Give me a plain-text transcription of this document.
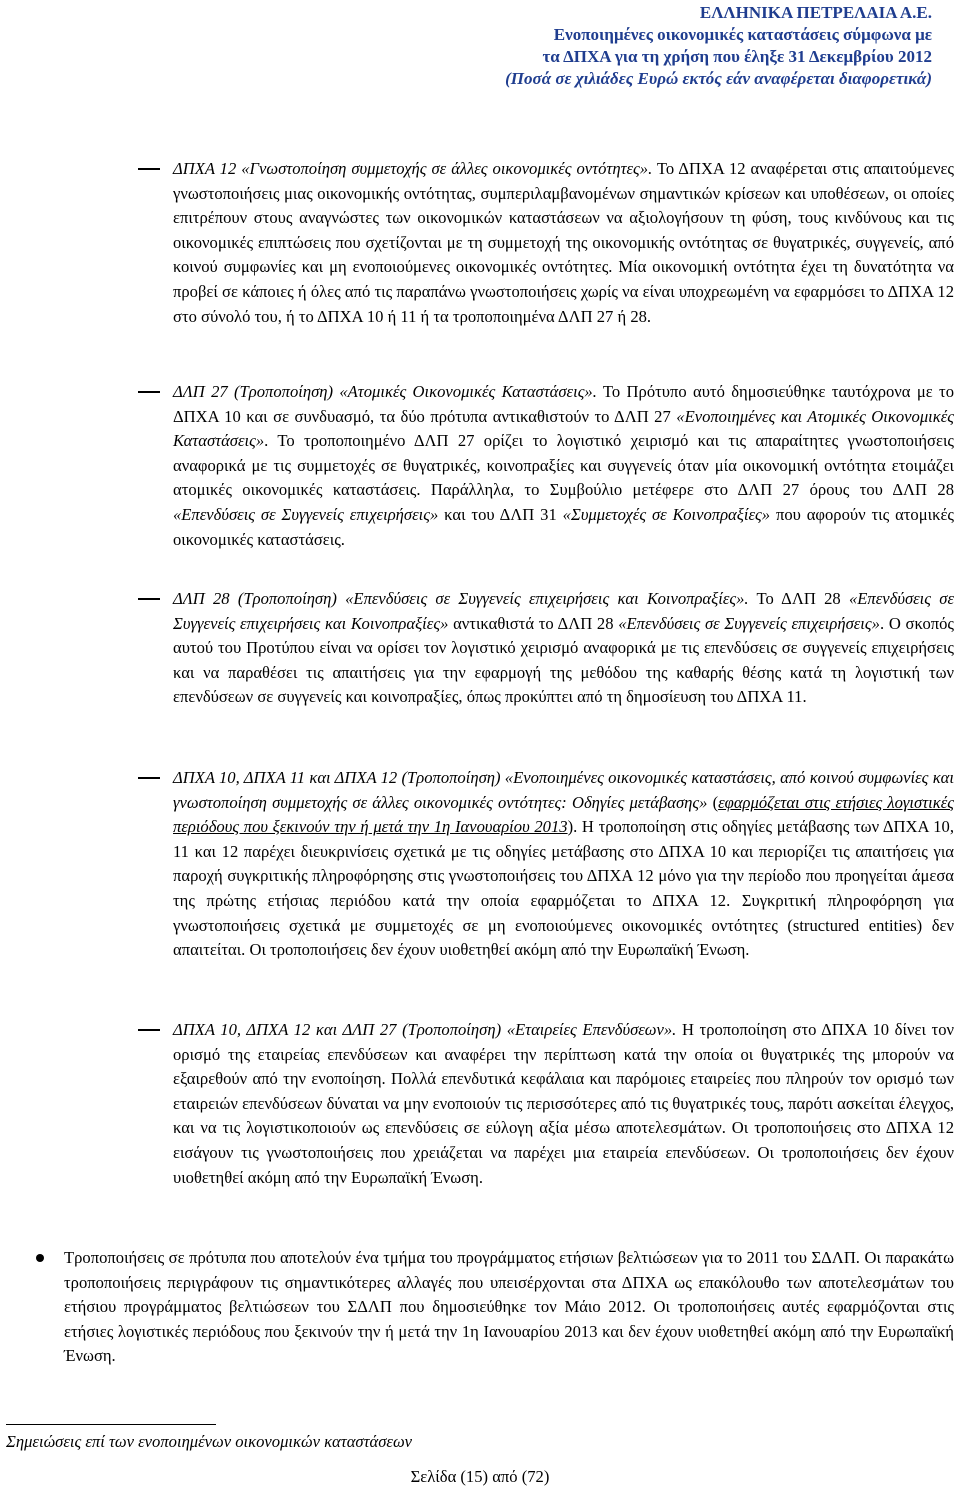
ΕΛΛΗΝΙΚΑ ΠΕΤΡΕΛΑΙΑ Α.Ε.
Ενοποιημένες οικονομικές καταστάσεις σύμφωνα με
τα ΔΠΧΑ για τη χρήση που έληξε 31 Δεκεμβρίου 2012
(Ποσά σε χιλιάδες Ευρώ εκτός εάν αναφέρεται διαφορετικά)

ΔΠΧΑ 12 «Γνωστοποίηση συμμετοχής σε άλλες οικονομικές οντότητες». Το ΔΠΧΑ 12 αναφέρεται στις απαιτούμενες γνωστοποιήσεις μιας οικονομικής οντότητας, συμπεριλαμβανομένων σημαντικών κρίσεων και υποθέσεων, οι οποίες επιτρέπουν στους αναγνώστες των οικονομικών καταστάσεων να αξιολογήσουν τη φύση, τους κινδύνους και τις οικονομικές επιπτώσεις που σχετίζονται με τη συμμετοχή της οικονομικής οντότητας σε θυγατρικές, συγγενείς, από κοινού συμφωνίες και μη ενοποιούμενες οικονομικές οντότητες. Μία οικονομική οντότητα έχει τη δυνατότητα να προβεί σε κάποιες ή όλες από τις παραπάνω γνωστοποιήσεις χωρίς να είναι υποχρεωμένη να εφαρμόσει το ΔΠΧΑ 12 στο σύνολό του, ή το ΔΠΧΑ 10 ή 11 ή τα τροποποιημένα ΔΛΠ 27 ή 28.

ΔΛΠ 27 (Τροποποίηση) «Ατομικές Οικονομικές Καταστάσεις». Το Πρότυπο αυτό δημοσιεύθηκε ταυτόχρονα με το ΔΠΧΑ 10 και σε συνδυασμό, τα δύο πρότυπα αντικαθιστούν το ΔΛΠ 27 «Ενοποιημένες και Ατομικές Οικονομικές Καταστάσεις». Το τροποποιημένο ΔΛΠ 27 ορίζει το λογιστικό χειρισμό και τις απαραίτητες γνωστοποιήσεις αναφορικά με τις συμμετοχές σε θυγατρικές, κοινοπραξίες και συγγενείς όταν μία οικονομική οντότητα ετοιμάζει ατομικές οικονομικές καταστάσεις. Παράλληλα, το Συμβούλιο μετέφερε στο ΔΛΠ 27 όρους του ΔΛΠ 28 «Επενδύσεις σε Συγγενείς επιχειρήσεις» και του ΔΛΠ 31 «Συμμετοχές σε Κοινοπραξίες» που αφορούν τις ατομικές οικονομικές καταστάσεις.

ΔΛΠ 28 (Τροποποίηση) «Επενδύσεις σε Συγγενείς επιχειρήσεις και Κοινοπραξίες». Το ΔΛΠ 28 «Επενδύσεις σε Συγγενείς επιχειρήσεις και Κοινοπραξίες» αντικαθιστά το ΔΛΠ 28 «Επενδύσεις σε Συγγενείς επιχειρήσεις». Ο σκοπός αυτού του Προτύπου είναι να ορίσει τον λογιστικό χειρισμό αναφορικά με τις επενδύσεις σε συγγενείς επιχειρήσεις και να παραθέσει τις απαιτήσεις για την εφαρμογή της μεθόδου της καθαρής θέσης κατά τη λογιστική των επενδύσεων σε συγγενείς και κοινοπραξίες, όπως προκύπτει από τη δημοσίευση του ΔΠΧΑ 11.

ΔΠΧΑ 10, ΔΠΧΑ 11 και ΔΠΧΑ 12 (Τροποποίηση) «Ενοποιημένες οικονομικές καταστάσεις, από κοινού συμφωνίες και γνωστοποίηση συμμετοχής σε άλλες οικονομικές οντότητες: Οδηγίες μετάβασης» (εφαρμόζεται στις ετήσιες λογιστικές περιόδους που ξεκινούν την ή μετά την 1η Ιανουαρίου 2013). Η τροποποίηση στις οδηγίες μετάβασης των ΔΠΧΑ 10, 11 και 12 παρέχει διευκρινίσεις σχετικά με τις οδηγίες μετάβασης στο ΔΠΧΑ 10 και περιορίζει τις απαιτήσεις για παροχή συγκριτικής πληροφόρησης στις γνωστοποιήσεις του ΔΠΧΑ 12 μόνο για την περίοδο που προηγείται άμεσα της πρώτης ετήσιας περιόδου κατά την οποία εφαρμόζεται το ΔΠΧΑ 12. Συγκριτική πληροφόρηση για γνωστοποιήσεις σχετικά με συμμετοχές σε μη ενοποιούμενες οικονομικές οντότητες (structured entities) δεν απαιτείται. Οι τροποποιήσεις δεν έχουν υιοθετηθεί ακόμη από την Ευρωπαϊκή Ένωση.

ΔΠΧΑ 10, ΔΠΧΑ 12 και ΔΛΠ 27 (Τροποποίηση) «Εταιρείες Επενδύσεων». Η τροποποίηση στο ΔΠΧΑ 10 δίνει τον ορισμό της εταιρείας επενδύσεων και αναφέρει την περίπτωση κατά την οποία οι θυγατρικές της μπορούν να εξαιρεθούν από την ενοποίηση. Πολλά επενδυτικά κεφάλαια και παρόμοιες εταιρείες που πληρούν τον ορισμό των εταιρειών επενδύσεων δύναται να μην ενοποιούν τις περισσότερες από τις θυγατρικές τους, παρότι ασκείται έλεγχος, και να τις λογιστικοποιούν ως επενδύσεις σε εύλογη αξία μέσω αποτελεσμάτων. Οι τροποποιήσεις στο ΔΠΧΑ 12 εισάγουν τις γνωστοποιήσεις που χρειάζεται να παρέχει μια εταιρεία επενδύσεων. Οι τροποποιήσεις δεν έχουν υιοθετηθεί ακόμη από την Ευρωπαϊκή Ένωση.

Τροποποιήσεις σε πρότυπα που αποτελούν ένα τμήμα του προγράμματος ετήσιων βελτιώσεων για το 2011 του ΣΔΛΠ. Οι παρακάτω τροποποιήσεις περιγράφουν τις σημαντικότερες αλλαγές που υπεισέρχονται στα ΔΠΧΑ ως επακόλουθο των αποτελεσμάτων του ετήσιου προγράμματος βελτιώσεων του ΣΔΛΠ που δημοσιεύθηκε τον Μάιο 2012. Οι τροποποιήσεις αυτές εφαρμόζονται στις ετήσιες λογιστικές περιόδους που ξεκινούν την ή μετά την 1η Ιανουαρίου 2013 και δεν έχουν υιοθετηθεί ακόμη από την Ευρωπαϊκή Ένωση.

Σημειώσεις επί των ενοποιημένων οικονομικών καταστάσεων
Σελίδα (15) από (72)
